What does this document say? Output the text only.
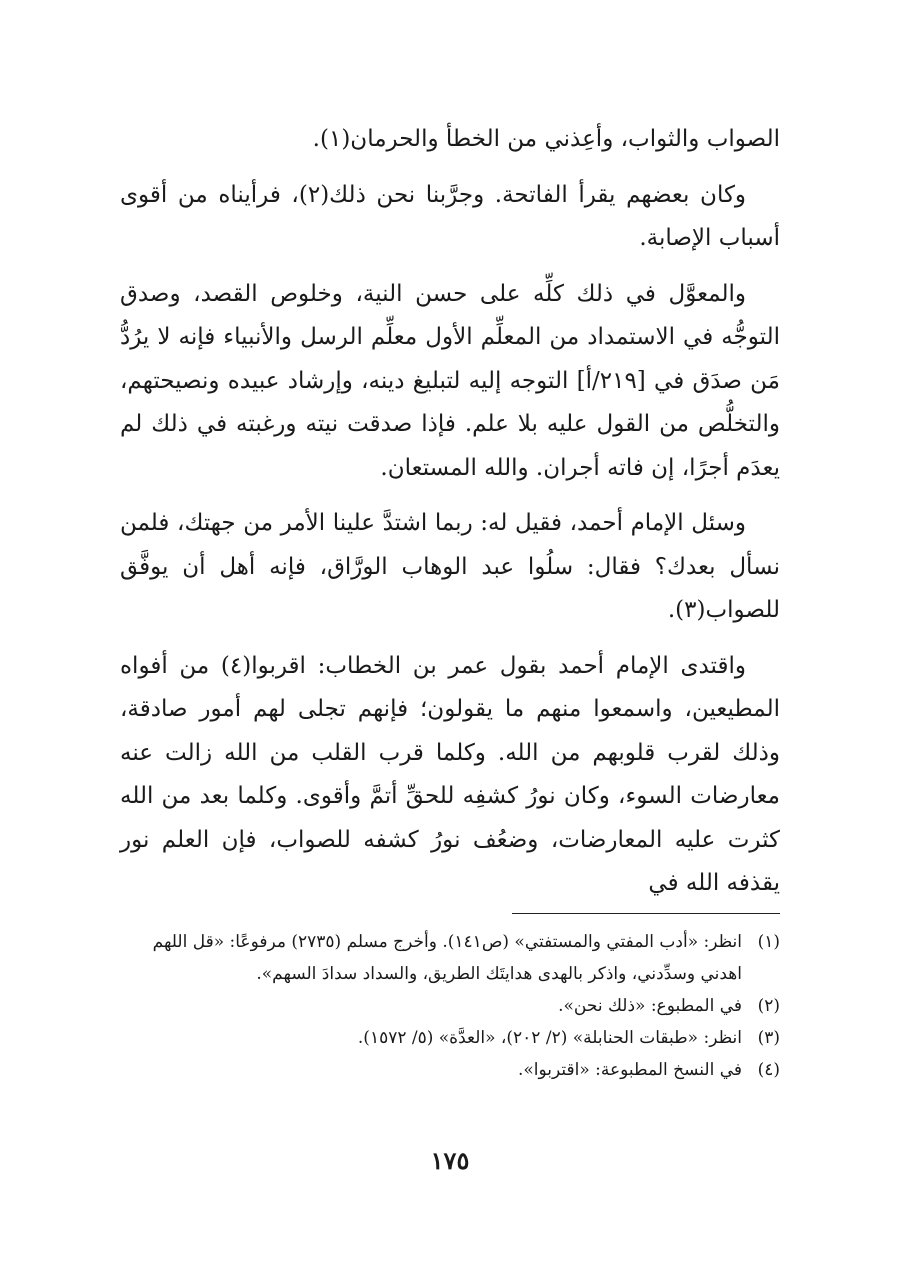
الصواب والثواب، وأعِذني من الخطأ والحرمان(١).

وكان بعضهم يقرأ الفاتحة. وجرَّبنا نحن ذلك(٢)، فرأيناه من أقوى أسباب الإصابة.

والمعوَّل في ذلك كلِّه على حسن النية، وخلوص القصد، وصدق التوجُّه في الاستمداد من المعلِّم الأول معلِّم الرسل والأنبياء فإنه لا يرُدُّ مَن صدَق في [٢١٩/أ] التوجه إليه لتبليغ دينه، وإرشاد عبيده ونصيحتهم، والتخلُّص من القول عليه بلا علم. فإذا صدقت نيته ورغبته في ذلك لم يعدَم أجرًا، إن فاته أجران. والله المستعان.

وسئل الإمام أحمد، فقيل له: ربما اشتدَّ علينا الأمر من جهتك، فلمن نسأل بعدك؟ فقال: سلُوا عبد الوهاب الورَّاق، فإنه أهل أن يوفَّق للصواب(٣).

واقتدى الإمام أحمد بقول عمر بن الخطاب: اقربوا(٤) من أفواه المطيعين، واسمعوا منهم ما يقولون؛ فإنهم تجلى لهم أمور صادقة، وذلك لقرب قلوبهم من الله. وكلما قرب القلب من الله زالت عنه معارضات السوء، وكان نورُ كشفِه للحقِّ أتمَّ وأقوى. وكلما بعد من الله كثرت عليه المعارضات، وضعُف نورُ كشفه للصواب، فإن العلم نور يقذفه الله في

(١)
انظر: «أدب المفتي والمستفتي» (ص١٤١). وأخرج مسلم (٢٧٣٥) مرفوعًا: «قل اللهم اهدني وسدِّدني، واذكر بالهدى هدايتَك الطريق، والسداد سدادَ السهم».
(٢)
في المطبوع: «ذلك نحن».
(٣)
انظر: «طبقات الحنابلة» (٢/ ٢٠٢)، «العدَّة» (٥/ ١٥٧٢).
(٤)
في النسخ المطبوعة: «اقتربوا».
١٧٥
